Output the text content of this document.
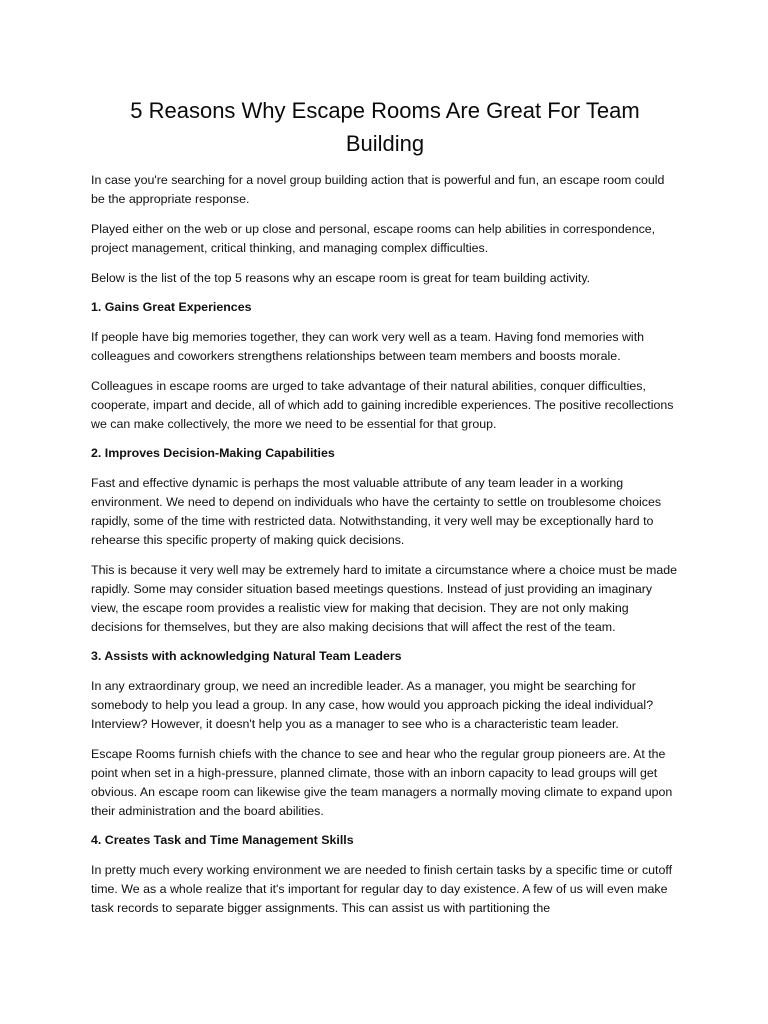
5 Reasons Why Escape Rooms Are Great For Team Building

In case you're searching for a novel group building action that is powerful and fun, an escape room could be the appropriate response.

Played either on the web or up close and personal, escape rooms can help abilities in correspondence, project management, critical thinking, and managing complex difficulties.

Below is the list of the top 5 reasons why an escape room is great for team building activity.

1. Gains Great Experiences

If people have big memories together, they can work very well as a team. Having fond memories with colleagues and coworkers strengthens relationships between team members and boosts morale.

Colleagues in escape rooms are urged to take advantage of their natural abilities, conquer difficulties, cooperate, impart and decide, all of which add to gaining incredible experiences. The positive recollections we can make collectively, the more we need to be essential for that group.

2. Improves Decision-Making Capabilities

Fast and effective dynamic is perhaps the most valuable attribute of any team leader in a working environment. We need to depend on individuals who have the certainty to settle on troublesome choices rapidly, some of the time with restricted data. Notwithstanding, it very well may be exceptionally hard to rehearse this specific property of making quick decisions.

This is because it very well may be extremely hard to imitate a circumstance where a choice must be made rapidly. Some may consider situation based meetings questions. Instead of just providing an imaginary view, the escape room provides a realistic view for making that decision. They are not only making decisions for themselves, but they are also making decisions that will affect the rest of the team.

3. Assists with acknowledging Natural Team Leaders

In any extraordinary group, we need an incredible leader. As a manager, you might be searching for somebody to help you lead a group. In any case, how would you approach picking the ideal individual? Interview? However, it doesn't help you as a manager to see who is a characteristic team leader.

Escape Rooms furnish chiefs with the chance to see and hear who the regular group pioneers are. At the point when set in a high-pressure, planned climate, those with an inborn capacity to lead groups will get obvious. An escape room can likewise give the team managers a normally moving climate to expand upon their administration and the board abilities.

4. Creates Task and Time Management Skills

In pretty much every working environment we are needed to finish certain tasks by a specific time or cutoff time. We as a whole realize that it's important for regular day to day existence. A few of us will even make task records to separate bigger assignments. This can assist us with partitioning the
